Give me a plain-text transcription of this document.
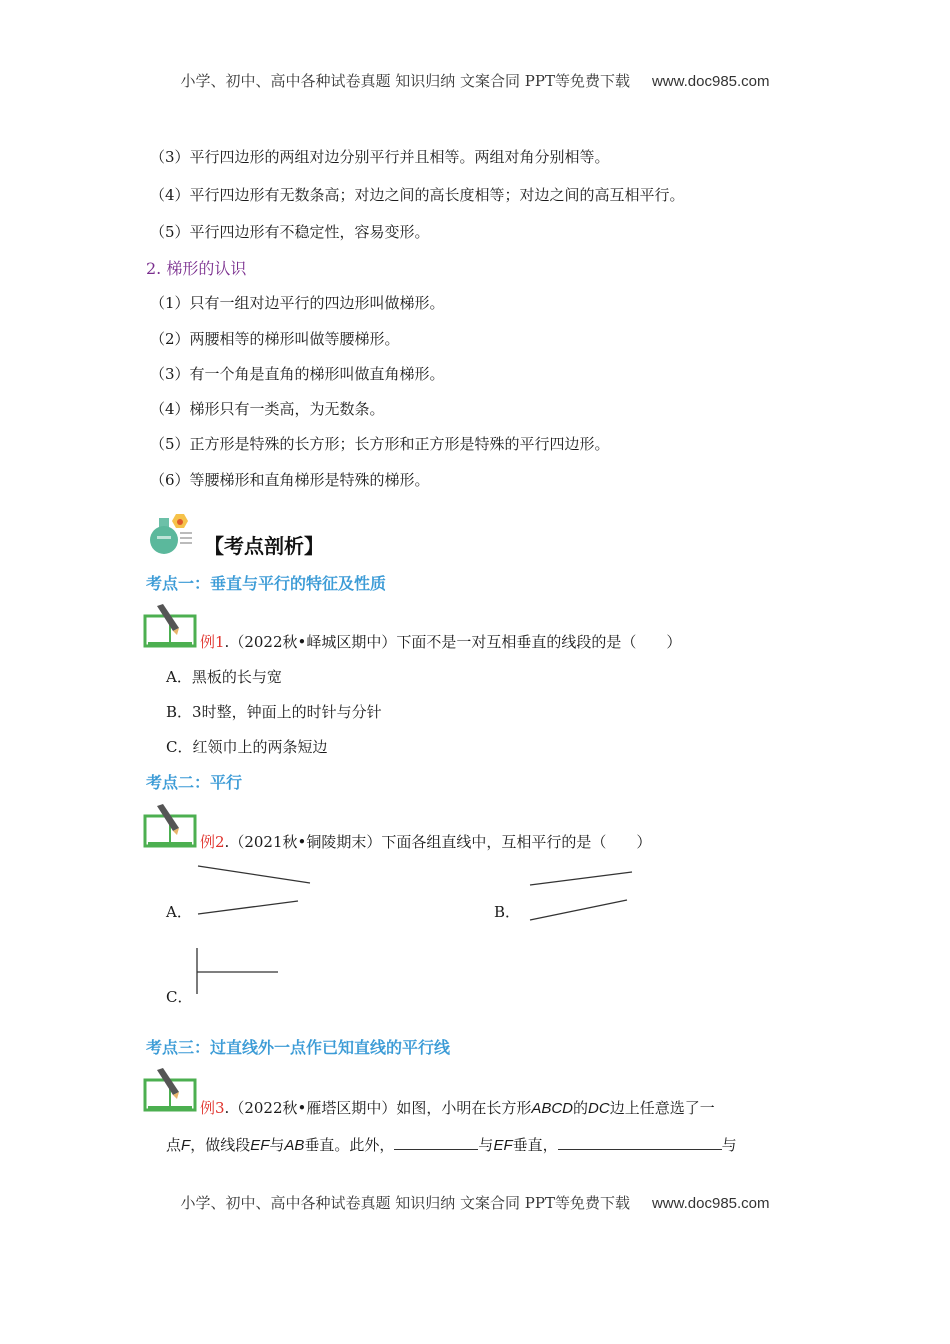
小学、初中、高中各种试卷真题 知识归纳 文案合同 PPT等免费下载 www.doc985.com
（3）平行四边形的两组对边分别平行并且相等。两组对角分别相等。
（4）平行四边形有无数条高；对边之间的高长度相等；对边之间的高互相平行。
（5）平行四边形有不稳定性，容易变形。
2. 梯形的认识
（1）只有一组对边平行的四边形叫做梯形。
（2）两腰相等的梯形叫做等腰梯形。
（3）有一个角是直角的梯形叫做直角梯形。
（4）梯形只有一类高，为无数条。
（5）正方形是特殊的长方形；长方形和正方形是特殊的平行四边形。
（6）等腰梯形和直角梯形是特殊的梯形。
【考点剖析】
考点一：垂直与平行的特征及性质
例1.（2022秋•峄城区期中）下面不是一对互相垂直的线段的是（　　）
A．黑板的长与宽
B．3时整，钟面上的时针与分针
C．红领巾上的两条短边
考点二：平行
例2.（2021秋•铜陵期末）下面各组直线中，互相平行的是（　　）
A．	B．
C．
考点三：过直线外一点作已知直线的平行线
例3.（2022秋•雁塔区期中）如图，小明在长方形ABCD的DC边上任意选了一
点F，做线段EF与AB垂直。此外，	与EF垂直，	与
小学、初中、高中各种试卷真题 知识归纳 文案合同 PPT等免费下载 www.doc985.com
